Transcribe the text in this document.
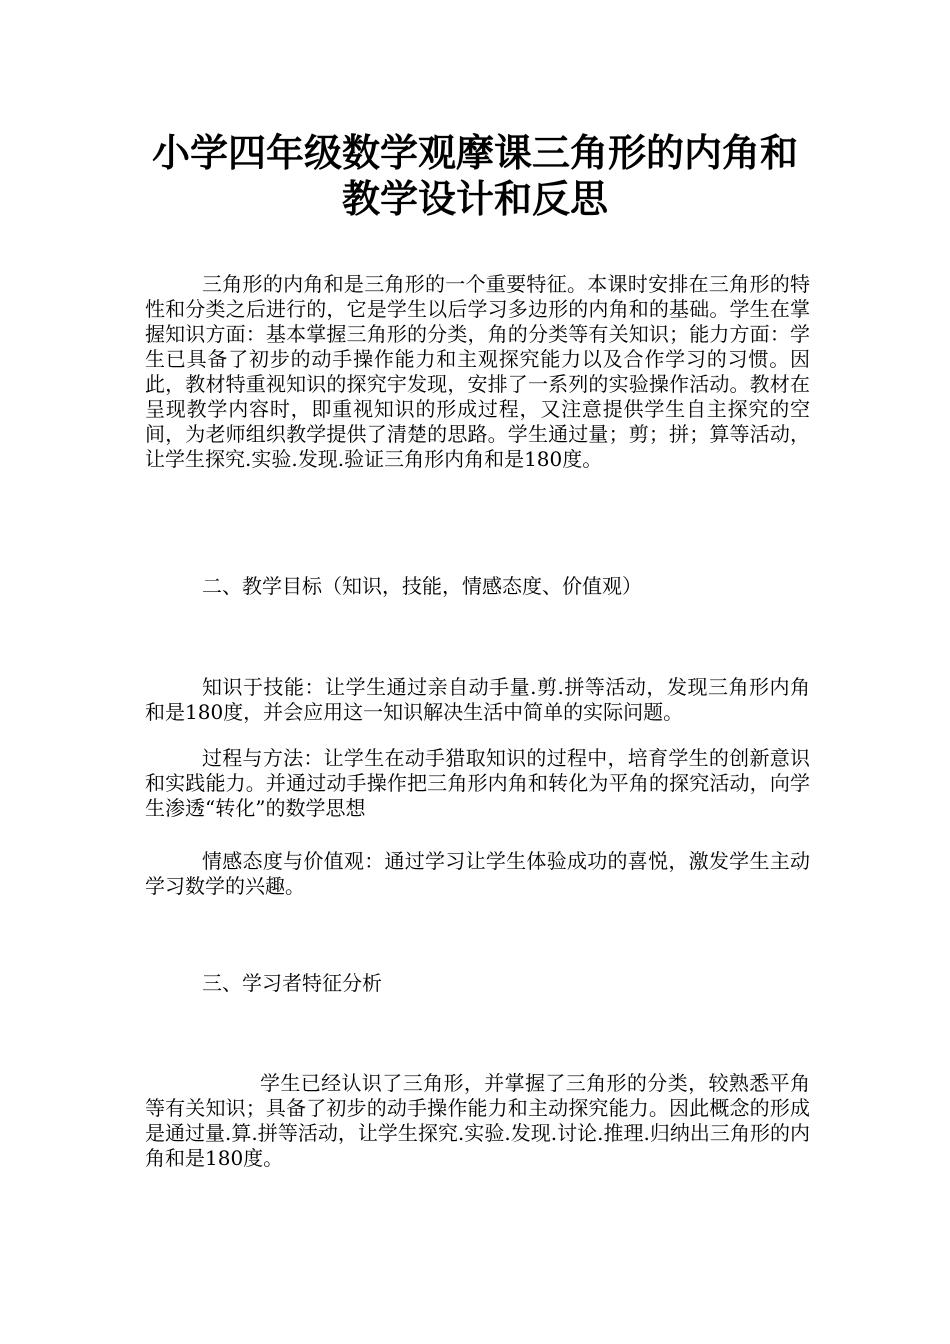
小学四年级数学观摩课三角形的内角和
教学设计和反思

三角形的内角和是三角形的一个重要特征。本课时安排在三角形的特性和分类之后进行的，它是学生以后学习多边形的内角和的基础。学生在掌握知识方面：基本掌握三角形的分类，角的分类等有关知识；能力方面：学生已具备了初步的动手操作能力和主观探究能力以及合作学习的习惯。因此，教材特重视知识的探究宇发现，安排了一系列的实验操作活动。教材在呈现教学内容时，即重视知识的形成过程，又注意提供学生自主探究的空间，为老师组织教学提供了清楚的思路。学生通过量；剪；拼；算等活动，让学生探究.实验.发现.验证三角形内角和是180度。

二、教学目标（知识，技能，情感态度、价值观）

知识于技能：让学生通过亲自动手量.剪.拼等活动，发现三角形内角和是180度，并会应用这一知识解决生活中简单的实际问题。

过程与方法：让学生在动手猎取知识的过程中，培育学生的创新意识和实践能力。并通过动手操作把三角形内角和转化为平角的探究活动，向学生渗透“转化”的数学思想

情感态度与价值观：通过学习让学生体验成功的喜悦，激发学生主动学习数学的兴趣。

三、学习者特征分析

学生已经认识了三角形，并掌握了三角形的分类，较熟悉平角等有关知识；具备了初步的动手操作能力和主动探究能力。因此概念的形成是通过量.算.拼等活动，让学生探究.实验.发现.讨论.推理.归纳出三角形的内角和是180度。
